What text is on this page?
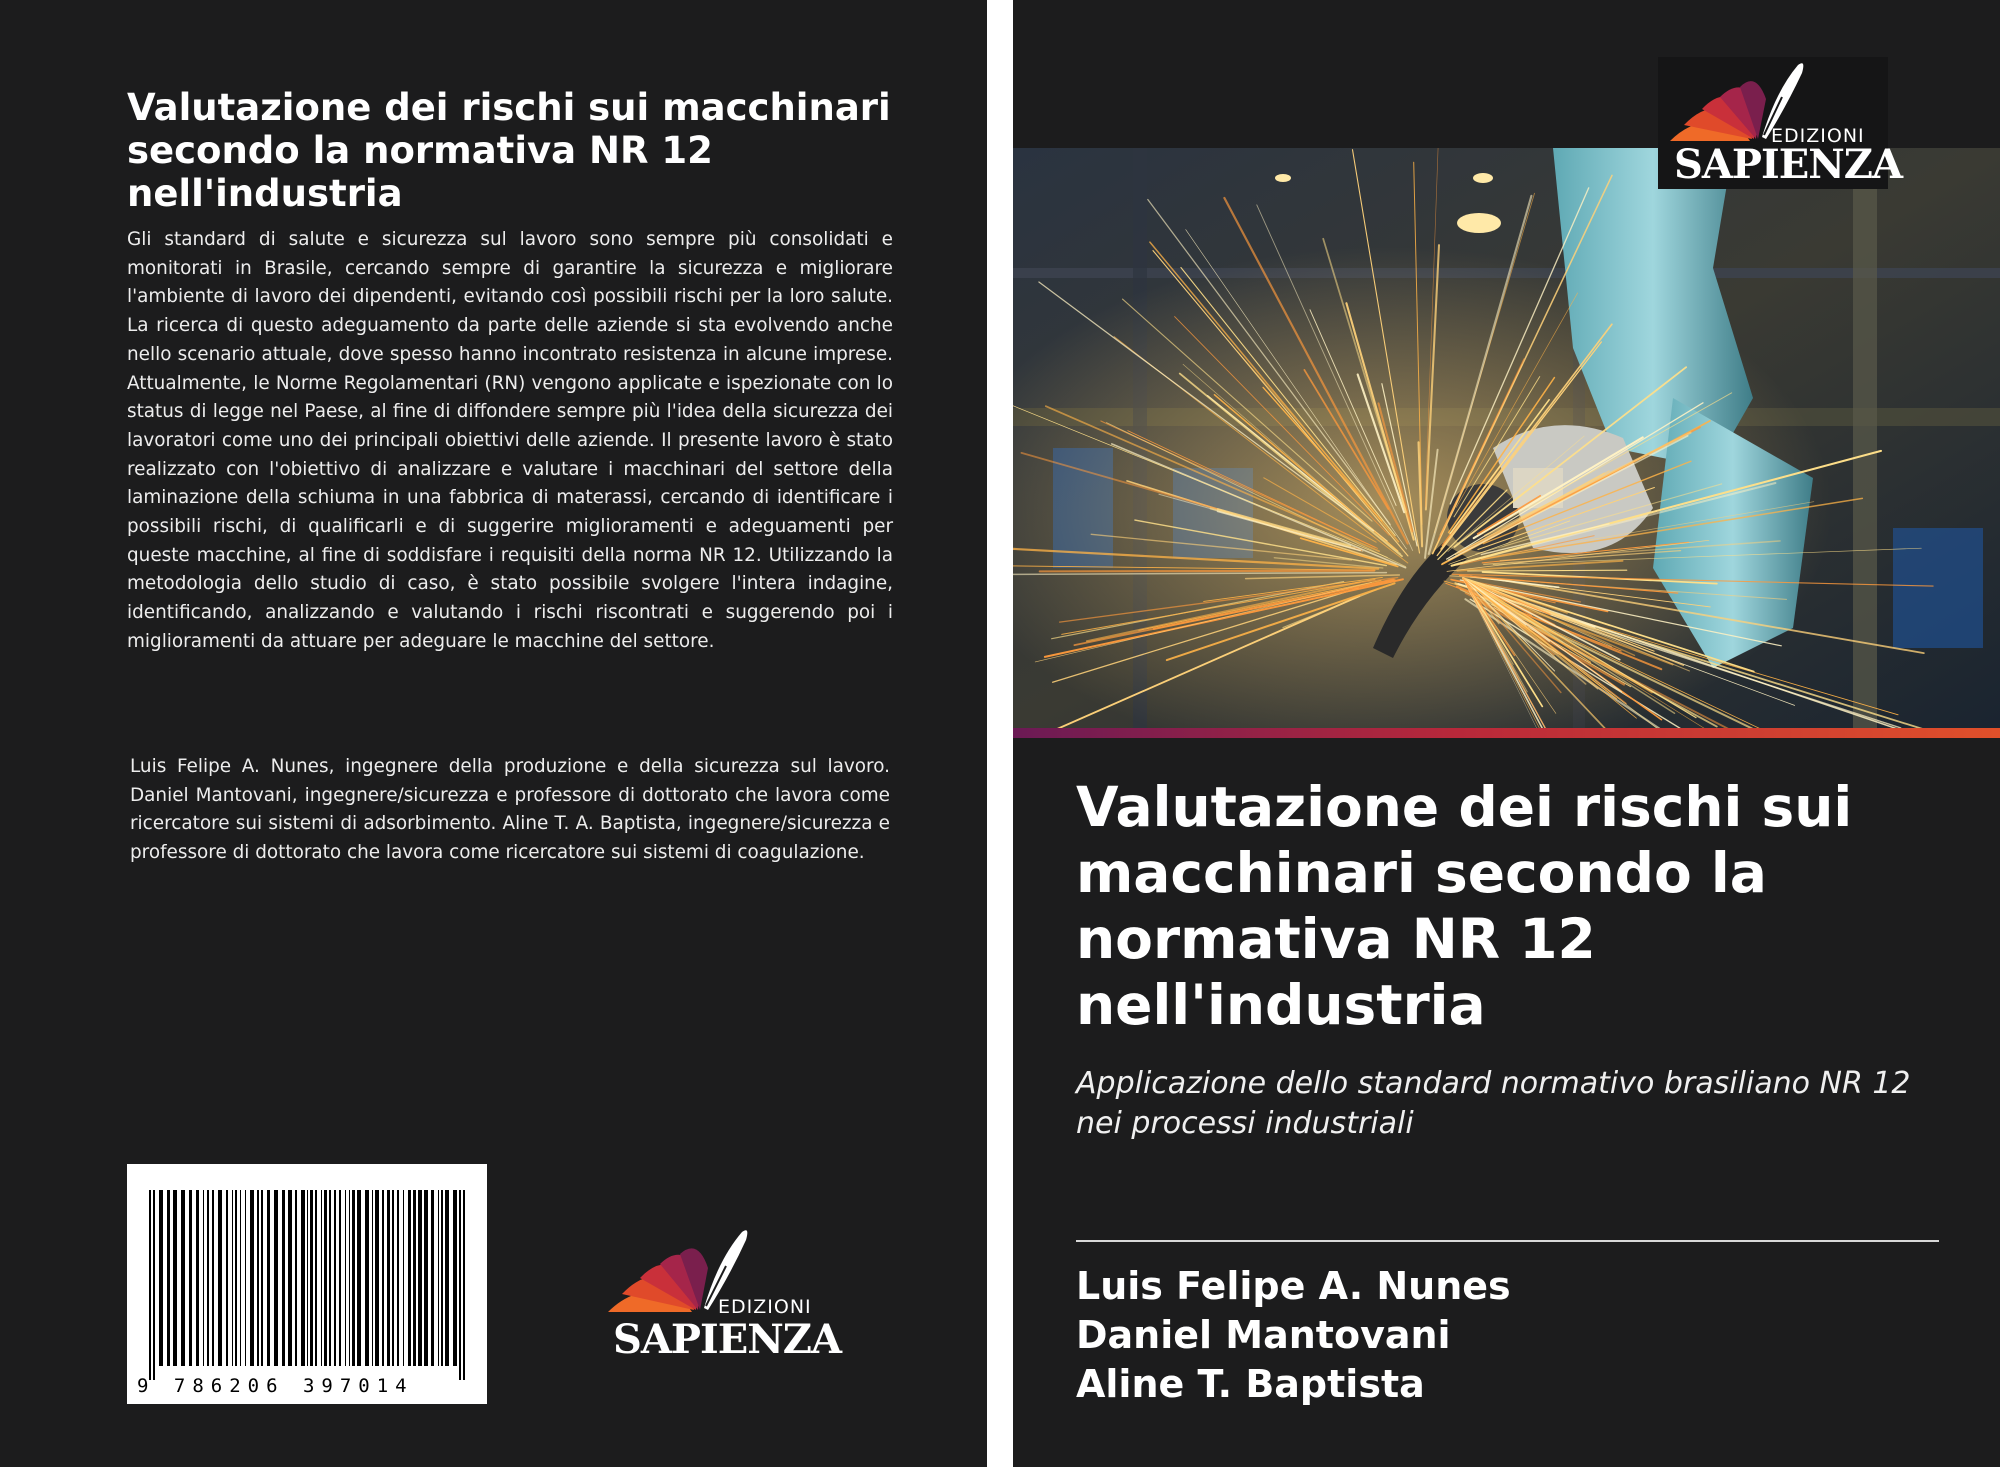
Valutazione dei rischi sui macchinari secondo la normativa NR 12 nell'industria

Gli standard di salute e sicurezza sul lavoro sono sempre più consolidati e monitorati in Brasile, cercando sempre di garantire la sicurezza e migliorare l'ambiente di lavoro dei dipendenti, evitando così possibili rischi per la loro salute. La ricerca di questo adeguamento da parte delle aziende si sta evolvendo anche nello scenario attuale, dove spesso hanno incontrato resistenza in alcune imprese. Attualmente, le Norme Regolamentari (RN) vengono applicate e ispezionate con lo status di legge nel Paese, al fine di diffondere sempre più l'idea della sicurezza dei lavoratori come uno dei principali obiettivi delle aziende. Il presente lavoro è stato realizzato con l'obiettivo di analizzare e valutare i macchinari del settore della laminazione della schiuma in una fabbrica di materassi, cercando di identificare i possibili rischi, di qualificarli e di suggerire miglioramenti e adeguamenti per queste macchine, al fine di soddisfare i requisiti della norma NR 12. Utilizzando la metodologia dello studio di caso, è stato possibile svolgere l'intera indagine, identificando, analizzando e valutando i rischi riscontrati e suggerendo poi i miglioramenti da attuare per adeguare le macchine del settore.

Luis Felipe A. Nunes, ingegnere della produzione e della sicurezza sul lavoro. Daniel Mantovani, ingegnere/sicurezza e professore di dottorato che lavora come ricercatore sui sistemi di adsorbimento. Aline T. A. Baptista, ingegnere/sicurezza e professore di dottorato che lavora come ricercatore sui sistemi di coagulazione.

9 786206 397014
EDIZIONI
SAPIENZA
Valutazione dei rischi sui macchinari secondo la normativa NR 12 nell'industria

Applicazione dello standard normativo brasiliano NR 12 nei processi industriali

Luis Felipe A. Nunes
Daniel Mantovani
Aline T. Baptista
EDIZIONI
SAPIENZA
